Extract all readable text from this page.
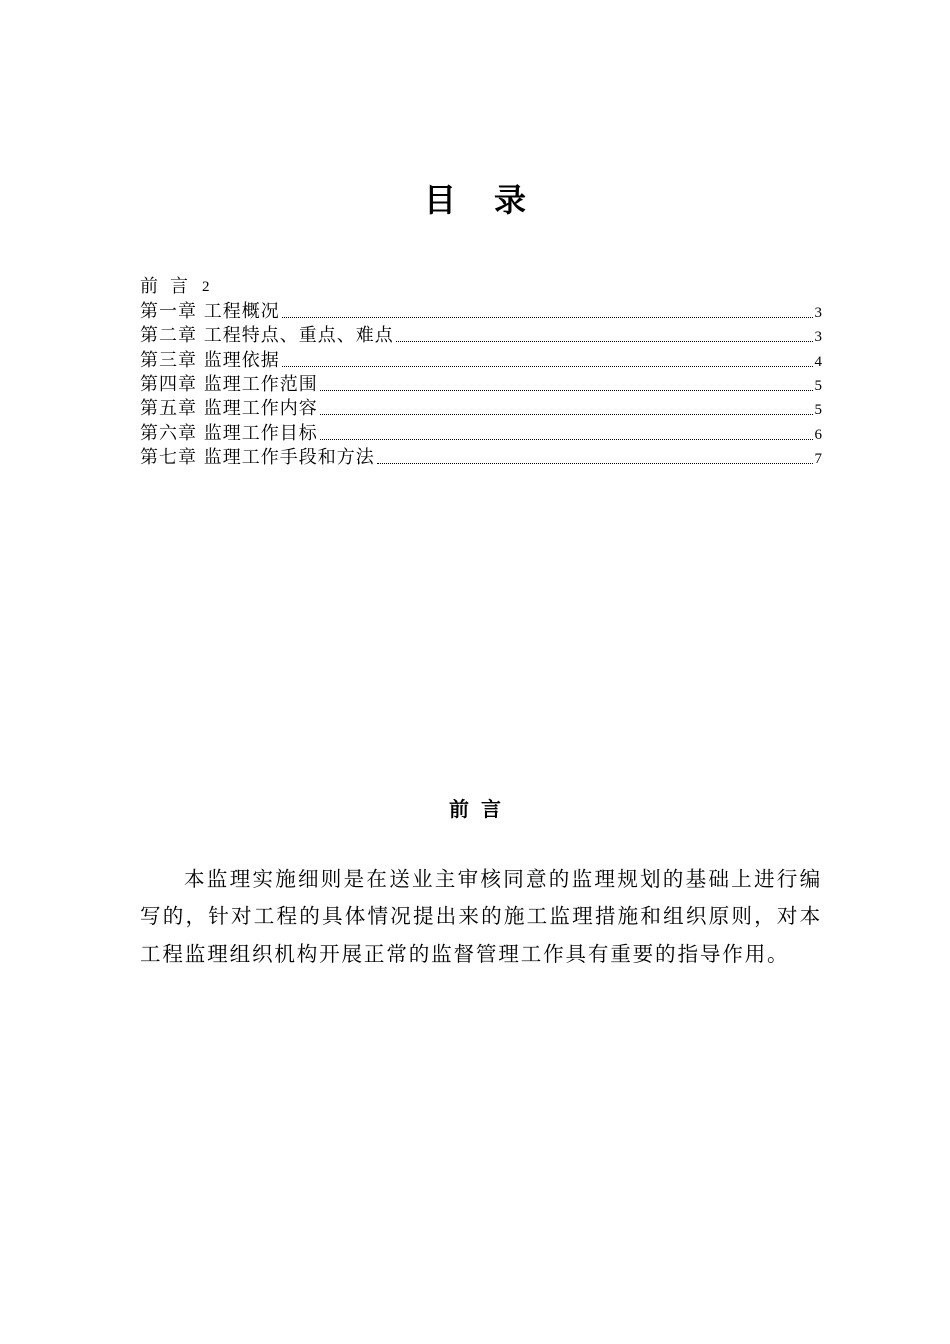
目录
前言 2
第一章 工程概况	3
第二章 工程特点、重点、难点	3
第三章 监理依据	4
第四章 监理工作范围	5
第五章 监理工作内容	5
第六章 监理工作目标	6
第七章 监理工作手段和方法	7
前言

本监理实施细则是在送业主审核同意的监理规划的基础上进行编写的，针对工程的具体情况提出来的施工监理措施和组织原则，对本工程监理组织机构开展正常的监督管理工作具有重要的指导作用。
